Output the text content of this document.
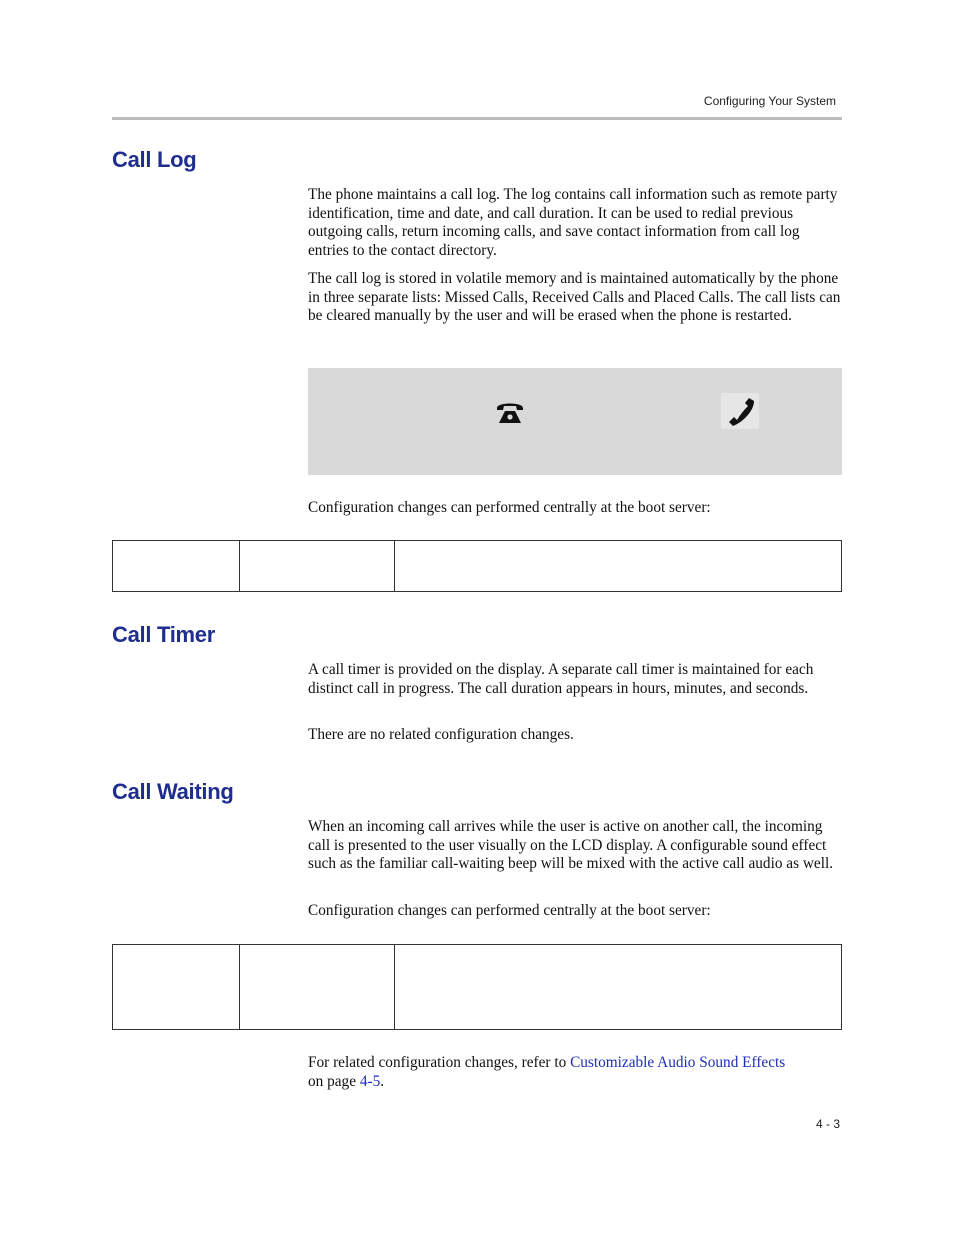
Configuring Your System
Call Log

The phone maintains a call log. The log contains call information such as remote party identification, time and date, and call duration. It can be used to redial previous outgoing calls, return incoming calls, and save contact information from call log entries to the contact directory.

The call log is stored in volatile memory and is maintained automatically by the phone in three separate lists: Missed Calls, Received Calls and Placed Calls. The call lists can be cleared manually by the user and will be erased when the phone is restarted.

Configuration changes can performed centrally at the boot server:

Call Timer

A call timer is provided on the display. A separate call timer is maintained for each distinct call in progress. The call duration appears in hours, minutes, and seconds.

There are no related configuration changes.

Call Waiting

When an incoming call arrives while the user is active on another call, the incoming call is presented to the user visually on the LCD display. A configurable sound effect such as the familiar call-waiting beep will be mixed with the active call audio as well.

Configuration changes can performed centrally at the boot server:

For related configuration changes, refer to Customizable Audio Sound Effects
on page 4-5.

4 - 3
